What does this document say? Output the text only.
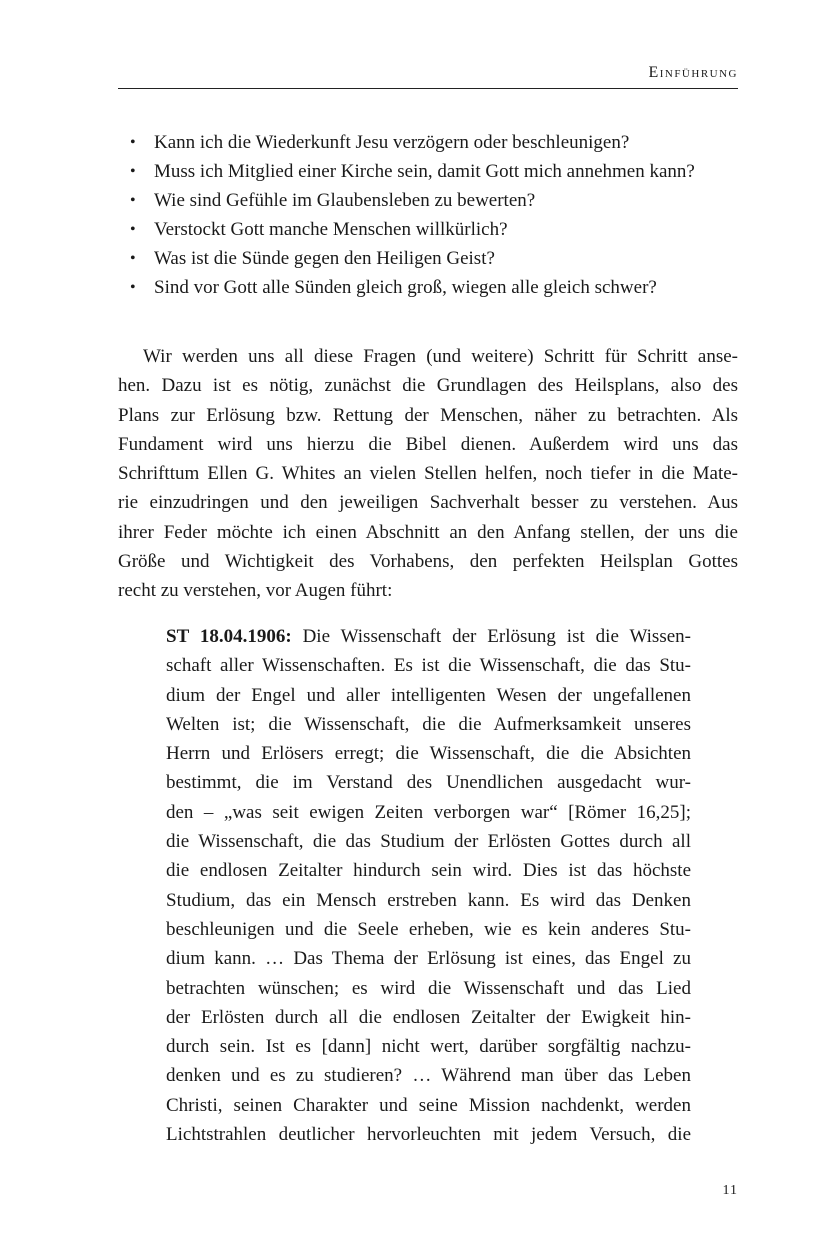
Einführung
• Kann ich die Wiederkunft Jesu verzögern oder beschleunigen?
• Muss ich Mitglied einer Kirche sein, damit Gott mich annehmen kann?
• Wie sind Gefühle im Glaubensleben zu bewerten?
• Verstockt Gott manche Menschen willkürlich?
• Was ist die Sünde gegen den Heiligen Geist?
• Sind vor Gott alle Sünden gleich groß, wiegen alle gleich schwer?

Wir werden uns all diese Fragen (und weitere) Schritt für Schritt anse-
hen. Dazu ist es nötig, zunächst die Grundlagen des Heilsplans, also des
Plans zur Erlösung bzw. Rettung der Menschen, näher zu betrachten. Als
Fundament wird uns hierzu die Bibel dienen. Außerdem wird uns das
Schrifttum Ellen G. Whites an vielen Stellen helfen, noch tiefer in die Mate-
rie einzudringen und den jeweiligen Sachverhalt besser zu verstehen. Aus
ihrer Feder möchte ich einen Abschnitt an den Anfang stellen, der uns die
Größe und Wichtigkeit des Vorhabens, den perfekten Heilsplan Gottes
recht zu verstehen, vor Augen führt:

ST 18.04.1906: Die Wissenschaft der Erlösung ist die Wissen-
schaft aller Wissenschaften. Es ist die Wissenschaft, die das Stu-
dium der Engel und aller intelligenten Wesen der ungefallenen
Welten ist; die Wissenschaft, die die Aufmerksamkeit unseres
Herrn und Erlösers erregt; die Wissenschaft, die die Absichten
bestimmt, die im Verstand des Unendlichen ausgedacht wur-
den – „was seit ewigen Zeiten verborgen war“ [Römer 16,25];
die Wissenschaft, die das Studium der Erlösten Gottes durch all
die endlosen Zeitalter hindurch sein wird. Dies ist das höchste
Studium, das ein Mensch erstreben kann. Es wird das Denken
beschleunigen und die Seele erheben, wie es kein anderes Stu-
dium kann. … Das Thema der Erlösung ist eines, das Engel zu
betrachten wünschen; es wird die Wissenschaft und das Lied
der Erlösten durch all die endlosen Zeitalter der Ewigkeit hin-
durch sein. Ist es [dann] nicht wert, darüber sorgfältig nachzu-
denken und es zu studieren? … Während man über das Leben
Christi, seinen Charakter und seine Mission nachdenkt, werden
Lichtstrahlen deutlicher hervorleuchten mit jedem Versuch, die
11
